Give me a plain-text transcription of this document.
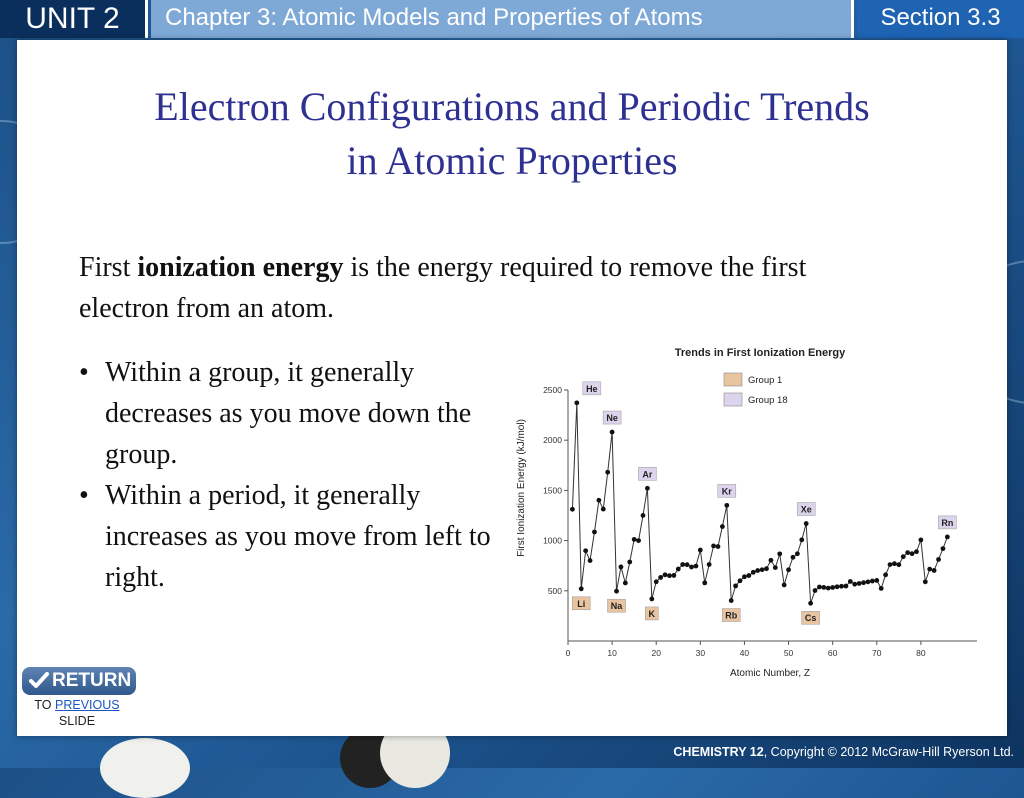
UNIT 2	Chapter 3: Atomic Models and Properties of Atoms	Section 3.3
Electron Configurations and Periodic Trends
in Atomic Properties
First ionization energy is the energy required to remove the first electron from an atom.
• Within a group, it generally decreases as you move down the group.
• Within a period, it generally increases as you move from left to right.
Trends in First Ionization Energy
First Ionization Energy (kJ/mol)
Atomic Number, Z
Group 1
Group 18
500
1000
1500
2000
2500
0	10	20	30	40	50	60	70	80
He
Ne
Ar
Kr
Xe
Rn
Li	Na
K	Rb	Cs
RETURN
TO PREVIOUS
SLIDE
CHEMISTRY 12, Copyright © 2012 McGraw-Hill Ryerson Ltd.
